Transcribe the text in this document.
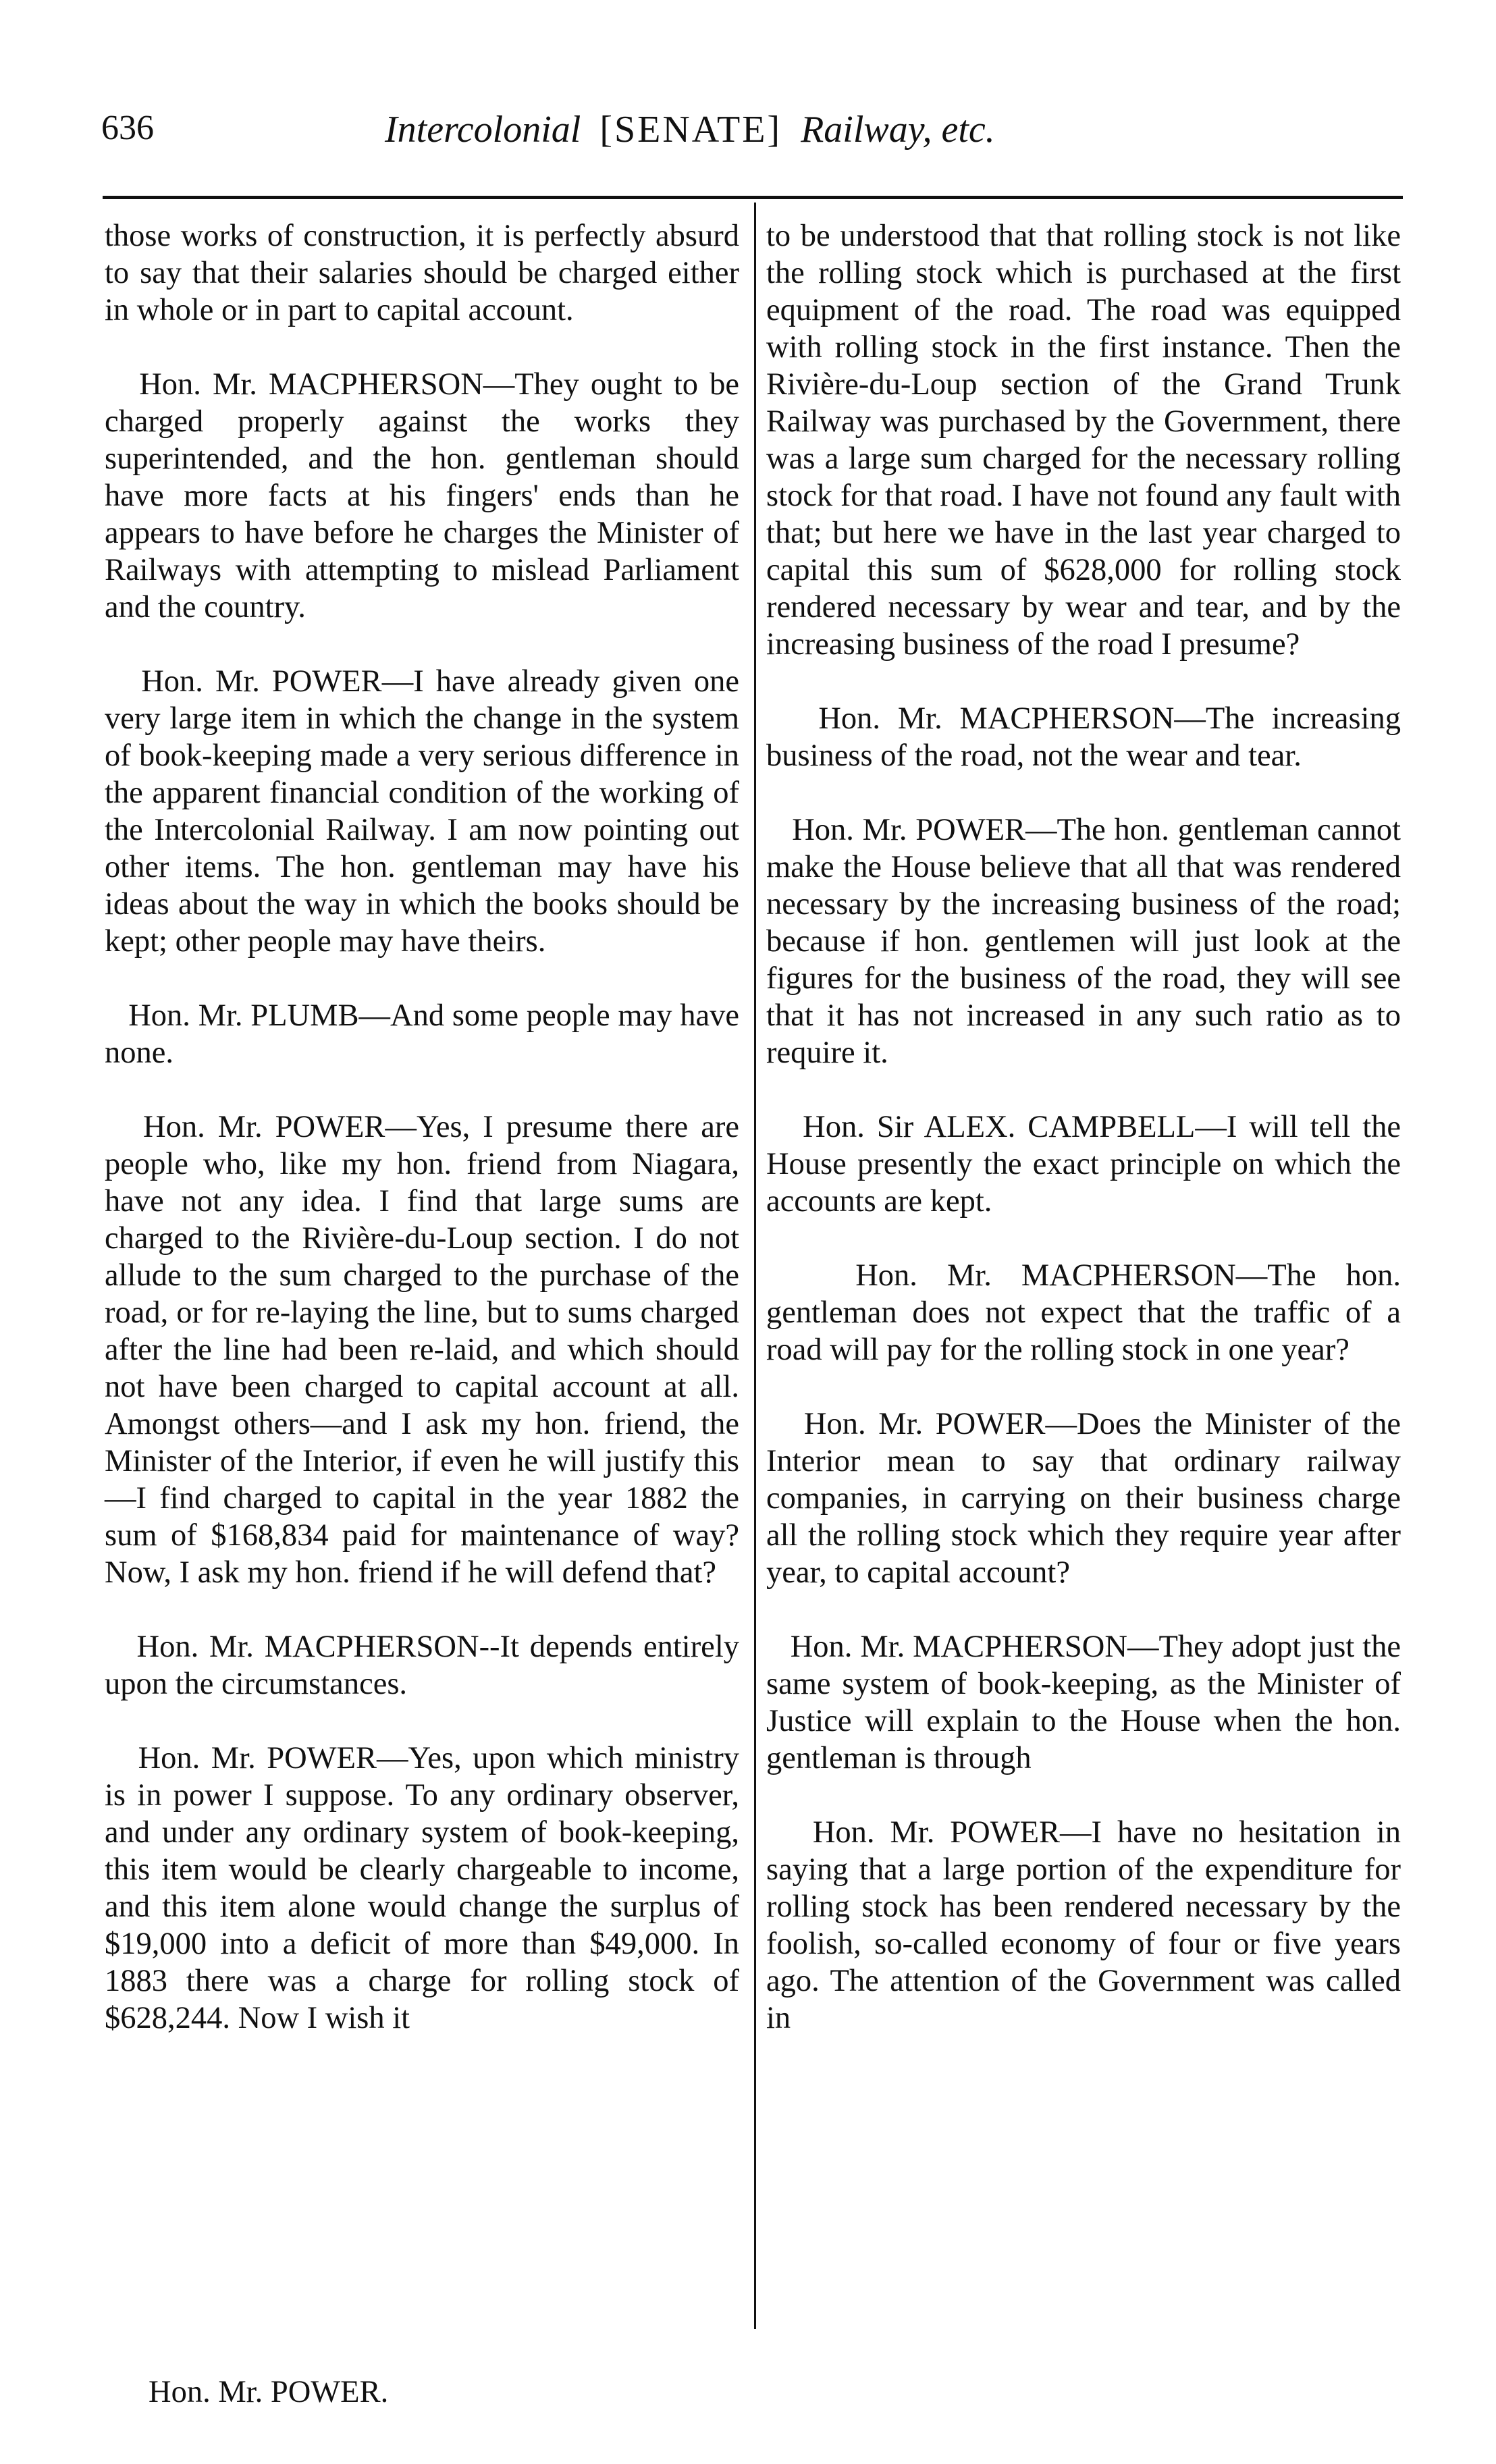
636	Intercolonial [SENATE] Railway, etc.

those works of construction, it is perfectly absurd to say that their salaries should be charged either in whole or in part to capital account.

Hon. Mr. MACPHERSON—They ought to be charged properly against the works they superintended, and the hon. gentleman should have more facts at his fingers' ends than he appears to have before he charges the Minister of Railways with attempting to mislead Parliament and the country.

Hon. Mr. POWER—I have already given one very large item in which the change in the system of book-keeping made a very serious difference in the apparent financial condition of the working of the Intercolonial Railway. I am now pointing out other items. The hon. gentleman may have his ideas about the way in which the books should be kept; other people may have theirs.

Hon. Mr. PLUMB—And some people may have none.

Hon. Mr. POWER—Yes, I presume there are people who, like my hon. friend from Niagara, have not any idea. I find that large sums are charged to the Rivière-du-Loup section. I do not allude to the sum charged to the purchase of the road, or for re-laying the line, but to sums charged after the line had been re-laid, and which should not have been charged to capital account at all. Amongst others—and I ask my hon. friend, the Minister of the Interior, if even he will justify this—I find charged to capital in the year 1882 the sum of $168,834 paid for maintenance of way? Now, I ask my hon. friend if he will defend that?

Hon. Mr. MACPHERSON--It depends entirely upon the circumstances.

Hon. Mr. POWER—Yes, upon which ministry is in power I suppose. To any ordinary observer, and under any ordinary system of book-keeping, this item would be clearly chargeable to income, and this item alone would change the surplus of $19,000 into a deficit of more than $49,000. In 1883 there was a charge for rolling stock of $628,244. Now I wish it

to be understood that that rolling stock is not like the rolling stock which is purchased at the first equipment of the road. The road was equipped with rolling stock in the first instance. Then the Rivière-du-Loup section of the Grand Trunk Railway was purchased by the Government, there was a large sum charged for the necessary rolling stock for that road. I have not found any fault with that; but here we have in the last year charged to capital this sum of $628,000 for rolling stock rendered necessary by wear and tear, and by the increasing business of the road I presume?

Hon. Mr. MACPHERSON—The increasing business of the road, not the wear and tear.

Hon. Mr. POWER—The hon. gentleman cannot make the House believe that all that was rendered necessary by the increasing business of the road; because if hon. gentlemen will just look at the figures for the business of the road, they will see that it has not increased in any such ratio as to require it.

Hon. Sir ALEX. CAMPBELL—I will tell the House presently the exact principle on which the accounts are kept.

Hon. Mr. MACPHERSON—The hon. gentleman does not expect that the traffic of a road will pay for the rolling stock in one year?

Hon. Mr. POWER—Does the Minister of the Interior mean to say that ordinary railway companies, in carrying on their business charge all the rolling stock which they require year after year, to capital account?

Hon. Mr. MACPHERSON—They adopt just the same system of book-keeping, as the Minister of Justice will explain to the House when the hon. gentleman is through

Hon. Mr. POWER—I have no hesitation in saying that a large portion of the expenditure for rolling stock has been rendered necessary by the foolish, so-called economy of four or five years ago. The attention of the Government was called in

Hon. Mr. POWER.
